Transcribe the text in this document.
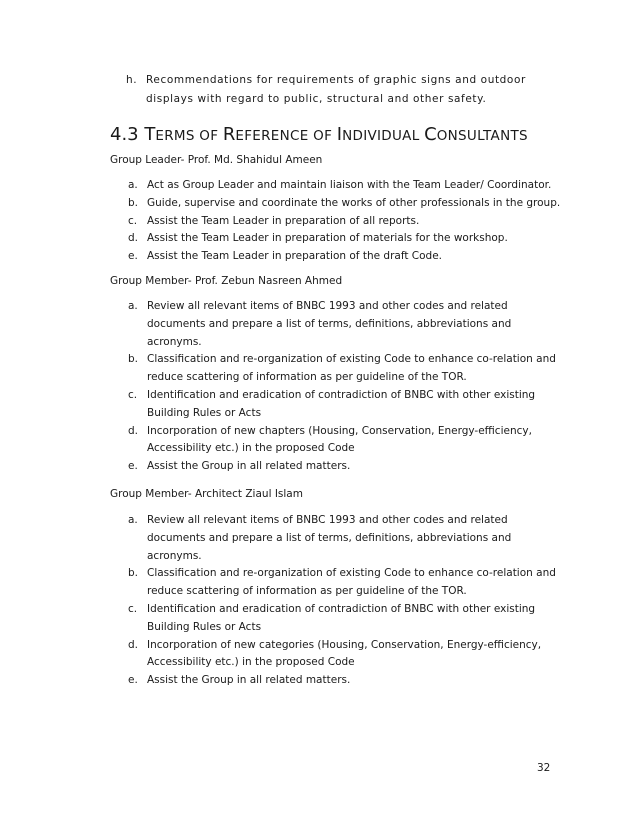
h. Recommendations for requirements of graphic signs and outdoor displays with regard to public, structural and other safety.
4.3 TERMS OF REFERENCE OF INDIVIDUAL CONSULTANTS
Group Leader- Prof. Md. Shahidul Ameen
a. Act as Group Leader and maintain liaison with the Team Leader/ Coordinator.
b. Guide, supervise and coordinate the works of other professionals in the group.
c. Assist the Team Leader in preparation of all reports.
d. Assist the Team Leader in preparation of materials for the workshop.
e. Assist the Team Leader in preparation of the draft Code.
Group Member- Prof. Zebun Nasreen Ahmed
a. Review all relevant items of BNBC 1993 and other codes and related documents and prepare a list of terms, definitions, abbreviations and acronyms.
b. Classification and re-organization of existing Code to enhance co-relation and reduce scattering of information as per guideline of the TOR.
c. Identification and eradication of contradiction of BNBC with other existing Building Rules or Acts
d. Incorporation of new chapters (Housing, Conservation, Energy-efficiency, Accessibility etc.) in the proposed Code
e. Assist the Group in all related matters.
Group Member- Architect Ziaul Islam
a. Review all relevant items of BNBC 1993 and other codes and related documents and prepare a list of terms, definitions, abbreviations and acronyms.
b. Classification and re-organization of existing Code to enhance co-relation and reduce scattering of information as per guideline of the TOR.
c. Identification and eradication of contradiction of BNBC with other existing Building Rules or Acts
d. Incorporation of new categories (Housing, Conservation, Energy-efficiency, Accessibility etc.) in the proposed Code
e. Assist the Group in all related matters.
32
